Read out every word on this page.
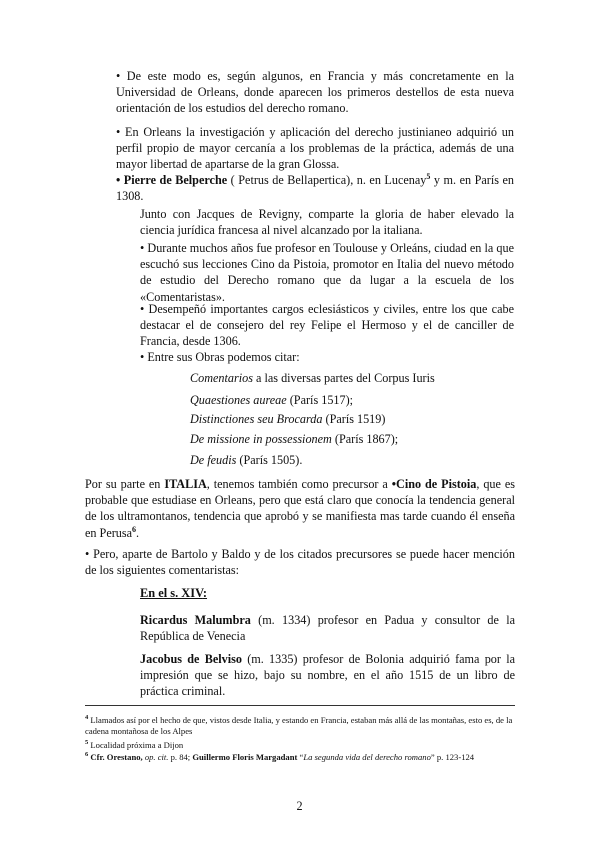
• De este modo es, según algunos, en Francia y más concretamente en la Universidad de Orleans, donde aparecen los primeros destellos de esta nueva orientación de los estudios del derecho romano.

• En Orleans la investigación y aplicación del derecho justinianeo adquirió un perfil propio de mayor cercanía a los problemas de la práctica, además de una mayor libertad de apartarse de la gran Glossa.

• Pierre de Belperche ( Petrus de Bellapertica), n. en Lucenay$^5$ y m. en París en 1308.

Junto con Jacques de Revigny, comparte la gloria de haber elevado la ciencia jurídica francesa al nivel alcanzado por la italiana.

• Durante muchos años fue profesor en Toulouse y Orleáns, ciudad en la que escuchó sus lecciones Cino da Pistoia, promotor en Italia del nuevo método de estudio del Derecho romano que da lugar a la escuela de los «Comentaristas».

• Desempeñó importantes cargos eclesiásticos y civiles, entre los que cabe destacar el de consejero del rey Felipe el Hermoso y el de canciller de Francia, desde 1306.

• Entre sus Obras podemos citar:

Comentarios a las diversas partes del Corpus Iuris

Quaestiones aureae (París 1517);

Distinctiones seu Brocarda (París 1519)

De missione in possessionem (París 1867);

De feudis (París 1505).

Por su parte en ITALIA, tenemos también como precursor a •Cino de Pistoia, que es probable que estudiase en Orleans, pero que está claro que conocía la tendencia general de los ultramontanos, tendencia que aprobó y se manifiesta mas tarde cuando él enseña en Perusa$^6$.

• Pero, aparte de Bartolo y Baldo y de los citados precursores se puede hacer mención de los siguientes comentaristas:

En el s. XIV:

Ricardus Malumbra (m. 1334) profesor en Padua y consultor de la República de Venecia

Jacobus de Belviso (m. 1335) profesor de Bolonia adquirió fama por la impresión que se hizo, bajo su nombre, en el año 1515 de un libro de práctica criminal.

$^4$ Llamados así por el hecho de que, vistos desde Italia, y estando en Francia, estaban más allá de las montañas, esto es, de la cadena montañosa de los Alpes

$^5$ Localidad próxima a Dijon

$^6$ Cfr. Orestano, op. cit. p. 84; Guillermo Floris Margadant “La segunda vida del derecho romano” p. 123-124

2
